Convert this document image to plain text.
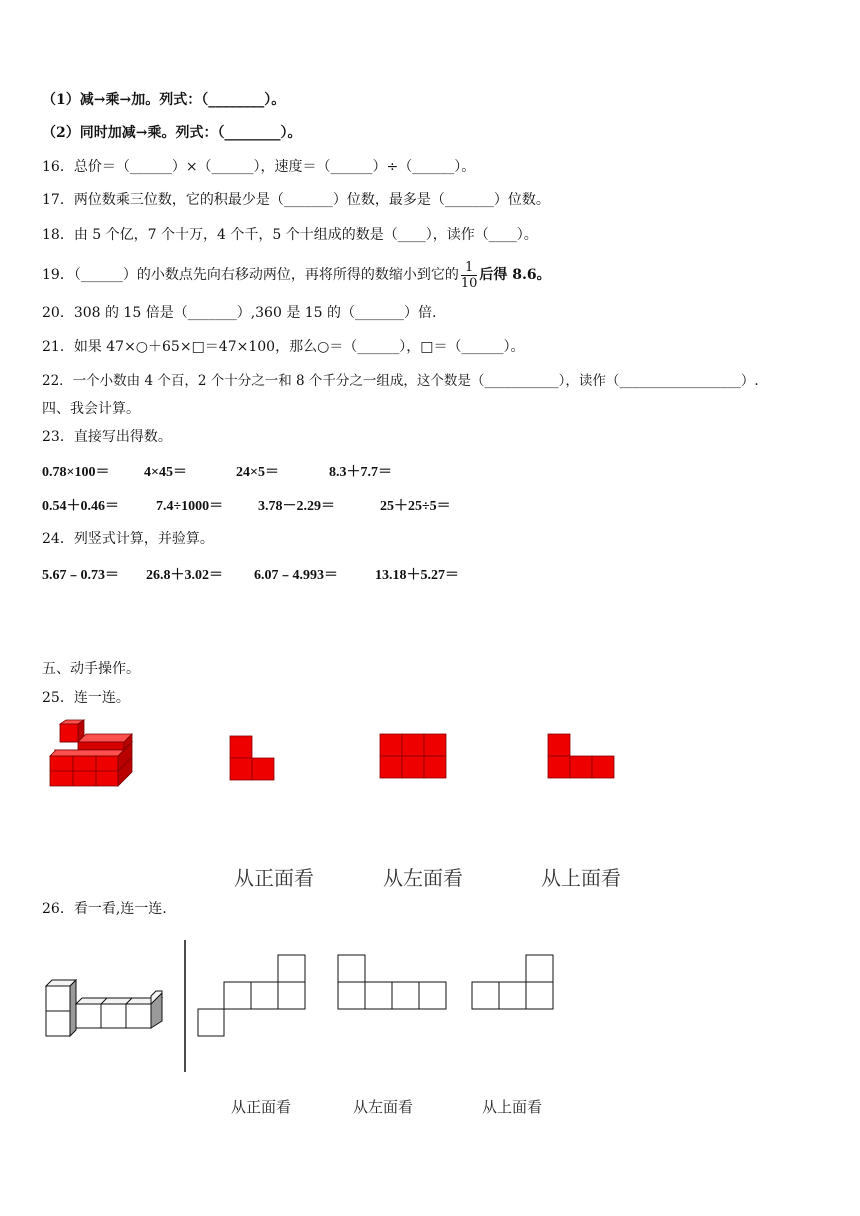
（1）减→乘→加。列式：（________）。
（2）同时加减→乘。列式：（________）。
16．总价＝（______）×（______），速度＝（______）÷（______）。
17．两位数乘三位数，它的积最少是（_______）位数，最多是（_______）位数。
18．由 5 个亿，7 个十万，4 个千，5 个十组成的数是（____），读作（____）。
19．（______）的小数点先向右移动两位，再将所得的数缩小到它的 $\frac{1}{10}$ 后得 8.6。
20．308 的 15 倍是（_______）,360 是 15 的（_______）倍.
21．如果 47×○＋65×□＝47×100，那么○＝（______），□＝（______）。
22．一个小数由 4 个百，2 个十分之一和 8 个千分之一组成，这个数是（___________），读作（__________________）.
四、我会计算。
23．直接写出得数。
0.78×100＝ 4×45＝	24×5＝	8.3＋7.7＝
0.54＋0.46＝	7.4÷1000＝ 3.78－2.29＝	25＋25÷5＝
24．列竖式计算，并验算。
5.67﹣0.73＝ 26.8＋3.02＝ 6.07﹣4.993＝	13.18＋5.27＝
五、动手操作。
25．连一连。
从正面看	从左面看	从上面看
26．看一看,连一连.
从正面看	从左面看	从上面看
